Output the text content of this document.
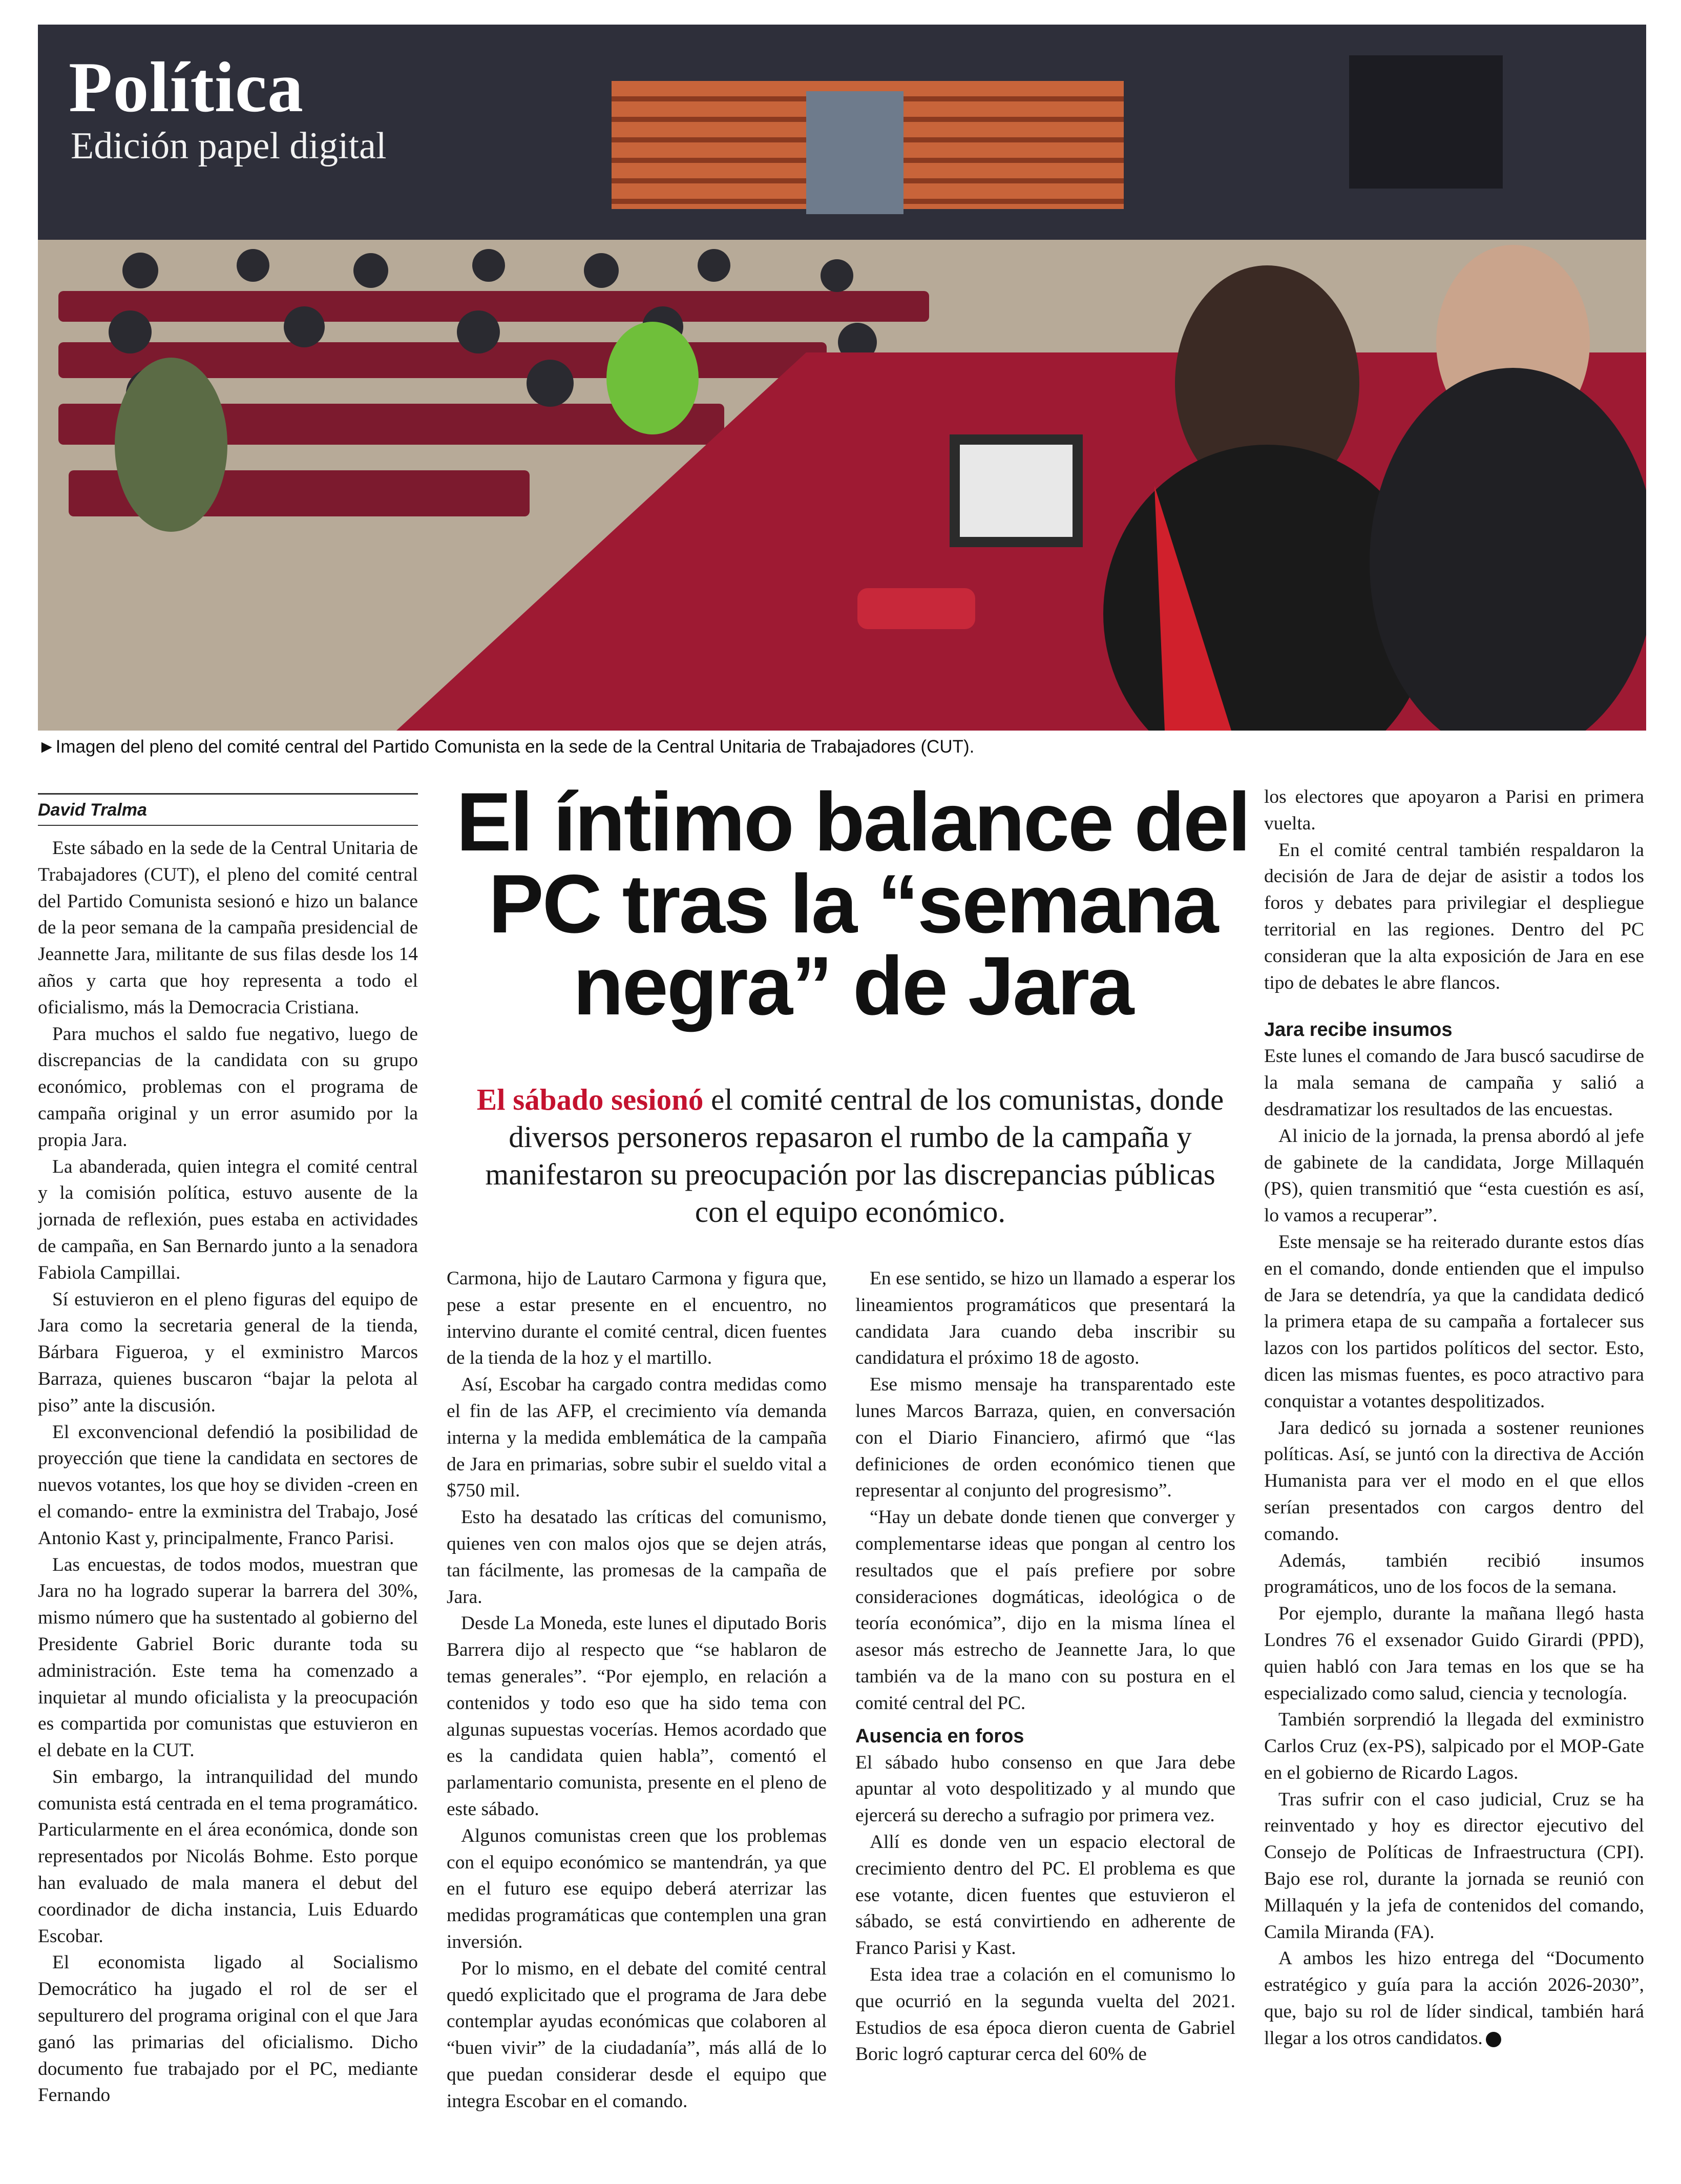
Política
Edición papel digital
►Imagen del pleno del comité central del Partido Comunista en la sede de la Central Unitaria de Trabajadores (CUT).
David Tralma	El íntimo balance del PC tras la “semana negra” de Jara
El sábado sesionó el comité central de los comunistas, donde diversos personeros repasaron el rumbo de la campaña y manifestaron su preocupación por las discrepancias públicas con el equipo económico.

Este sábado en la sede de la Central Unitaria de Trabajadores (CUT), el pleno del comité central del Partido Comunista sesionó e hizo un balance de la peor semana de la campaña presidencial de Jeannette Jara, militante de sus filas desde los 14 años y carta que hoy representa a todo el oficialismo, más la Democracia Cristiana.

Para muchos el saldo fue negativo, luego de discrepancias de la candidata con su grupo económico, problemas con el programa de campaña original y un error asumido por la propia Jara.

La abanderada, quien integra el comité central y la comisión política, estuvo ausente de la jornada de reflexión, pues estaba en actividades de campaña, en San Bernardo junto a la senadora Fabiola Campillai.

Sí estuvieron en el pleno figuras del equipo de Jara como la secretaria general de la tienda, Bárbara Figueroa, y el exministro Marcos Barraza, quienes buscaron “bajar la pelota al piso” ante la discusión.

El exconvencional defendió la posibilidad de proyección que tiene la candidata en sectores de nuevos votantes, los que hoy se dividen -creen en el comando- entre la exministra del Trabajo, José Antonio Kast y, principalmente, Franco Parisi.

Las encuestas, de todos modos, muestran que Jara no ha logrado superar la barrera del 30%, mismo número que ha sustentado al gobierno del Presidente Gabriel Boric durante toda su administración. Este tema ha comenzado a inquietar al mundo oficialista y la preocupación es compartida por comunistas que estuvieron en el debate en la CUT.

Sin embargo, la intranquilidad del mundo comunista está centrada en el tema programático. Particularmente en el área económica, donde son representados por Nicolás Bohme. Esto porque han evaluado de mala manera el debut del coordinador de dicha instancia, Luis Eduardo Escobar.

El economista ligado al Socialismo Democrático ha jugado el rol de ser el sepulturero del programa original con el que Jara ganó las primarias del oficialismo. Dicho documento fue trabajado por el PC, mediante Fernando

Carmona, hijo de Lautaro Carmona y figura que, pese a estar presente en el encuentro, no intervino durante el comité central, dicen fuentes de la tienda de la hoz y el martillo.

Así, Escobar ha cargado contra medidas como el fin de las AFP, el crecimiento vía demanda interna y la medida emblemática de la campaña de Jara en primarias, sobre subir el sueldo vital a $750 mil.

Esto ha desatado las críticas del comunismo, quienes ven con malos ojos que se dejen atrás, tan fácilmente, las promesas de la campaña de Jara.

Desde La Moneda, este lunes el diputado Boris Barrera dijo al respecto que “se hablaron de temas generales”. “Por ejemplo, en relación a contenidos y todo eso que ha sido tema con algunas supuestas vocerías. Hemos acordado que es la candidata quien habla”, comentó el parlamentario comunista, presente en el pleno de este sábado.

Algunos comunistas creen que los problemas con el equipo económico se mantendrán, ya que en el futuro ese equipo deberá aterrizar las medidas programáticas que contemplen una gran inversión.

Por lo mismo, en el debate del comité central quedó explicitado que el programa de Jara debe contemplar ayudas económicas que colaboren al “buen vivir” de la ciudadanía”, más allá de lo que puedan considerar desde el equipo que integra Escobar en el comando.

En ese sentido, se hizo un llamado a esperar los lineamientos programáticos que presentará la candidata Jara cuando deba inscribir su candidatura el próximo 18 de agosto.

Ese mismo mensaje ha transparentado este lunes Marcos Barraza, quien, en conversación con el Diario Financiero, afirmó que “las definiciones de orden económico tienen que representar al conjunto del progresismo”.

“Hay un debate donde tienen que converger y complementarse ideas que pongan al centro los resultados que el país prefiere por sobre consideraciones dogmáticas, ideológica o de teoría económica”, dijo en la misma línea el asesor más estrecho de Jeannette Jara, lo que también va de la mano con su postura en el comité central del PC.

Ausencia en foros

El sábado hubo consenso en que Jara debe apuntar al voto despolitizado y al mundo que ejercerá su derecho a sufragio por primera vez.

Allí es donde ven un espacio electoral de crecimiento dentro del PC. El problema es que ese votante, dicen fuentes que estuvieron el sábado, se está convirtiendo en adherente de Franco Parisi y Kast.

Esta idea trae a colación en el comunismo lo que ocurrió en la segunda vuelta del 2021. Estudios de esa época dieron cuenta de Gabriel Boric logró capturar cerca del 60% de

los electores que apoyaron a Parisi en primera vuelta.

En el comité central también respaldaron la decisión de Jara de dejar de asistir a todos los foros y debates para privilegiar el despliegue territorial en las regiones. Dentro del PC consideran que la alta exposición de Jara en ese tipo de debates le abre flancos.

Jara recibe insumos

Este lunes el comando de Jara buscó sacudirse de la mala semana de campaña y salió a desdramatizar los resultados de las encuestas.

Al inicio de la jornada, la prensa abordó al jefe de gabinete de la candidata, Jorge Millaquén (PS), quien transmitió que “esta cuestión es así, lo vamos a recuperar”.

Este mensaje se ha reiterado durante estos días en el comando, donde entienden que el impulso de Jara se detendría, ya que la candidata dedicó la primera etapa de su campaña a fortalecer sus lazos con los partidos políticos del sector. Esto, dicen las mismas fuentes, es poco atractivo para conquistar a votantes despolitizados.

Jara dedicó su jornada a sostener reuniones políticas. Así, se juntó con la directiva de Acción Humanista para ver el modo en el que ellos serían presentados con cargos dentro del comando.

Además, también recibió insumos programáticos, uno de los focos de la semana.

Por ejemplo, durante la mañana llegó hasta Londres 76 el exsenador Guido Girardi (PPD), quien habló con Jara temas en los que se ha especializado como salud, ciencia y tecnología.

También sorprendió la llegada del exministro Carlos Cruz (ex-PS), salpicado por el MOP-Gate en el gobierno de Ricardo Lagos.

Tras sufrir con el caso judicial, Cruz se ha reinventado y hoy es director ejecutivo del Consejo de Políticas de Infraestructura (CPI). Bajo ese rol, durante la jornada se reunió con Millaquén y la jefa de contenidos del comando, Camila Miranda (FA).

A ambos les hizo entrega del “Documento estratégico y guía para la acción 2026-2030”, que, bajo su rol de líder sindical, también hará llegar a los otros candidatos.
